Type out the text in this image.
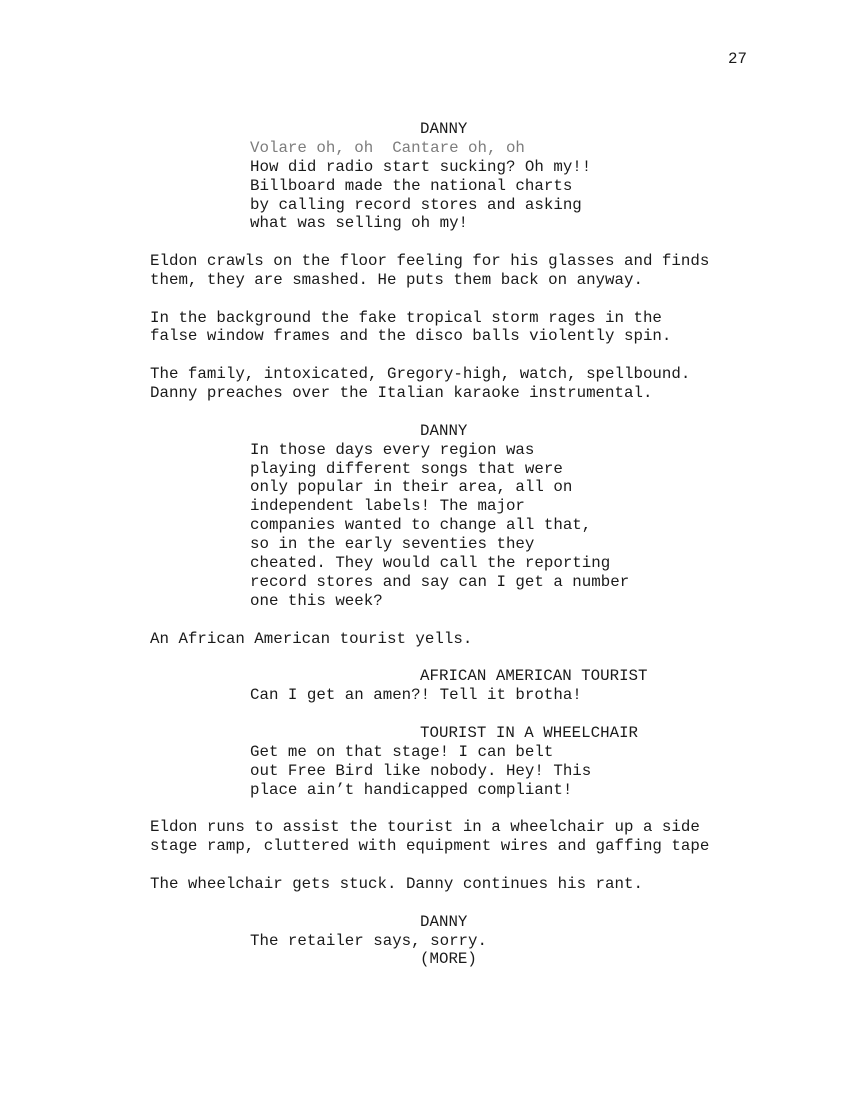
27
DANNY
Volare oh, oh  Cantare oh, oh
How did radio start sucking? Oh my!!
Billboard made the national charts
by calling record stores and asking
what was selling oh my!
Eldon crawls on the floor feeling for his glasses and finds
them, they are smashed. He puts them back on anyway.
In the background the fake tropical storm rages in the
false window frames and the disco balls violently spin.
The family, intoxicated, Gregory-high, watch, spellbound.
Danny preaches over the Italian karaoke instrumental.
DANNY
In those days every region was
playing different songs that were
only popular in their area, all on
independent labels! The major
companies wanted to change all that,
so in the early seventies they
cheated. They would call the reporting
record stores and say can I get a number
one this week?
An African American tourist yells.
AFRICAN AMERICAN TOURIST
Can I get an amen?! Tell it brotha!
TOURIST IN A WHEELCHAIR
Get me on that stage! I can belt
out Free Bird like nobody. Hey! This
place ain’t handicapped compliant!
Eldon runs to assist the tourist in a wheelchair up a side
stage ramp, cluttered with equipment wires and gaffing tape
The wheelchair gets stuck. Danny continues his rant.
DANNY
The retailer says, sorry.
(MORE)
